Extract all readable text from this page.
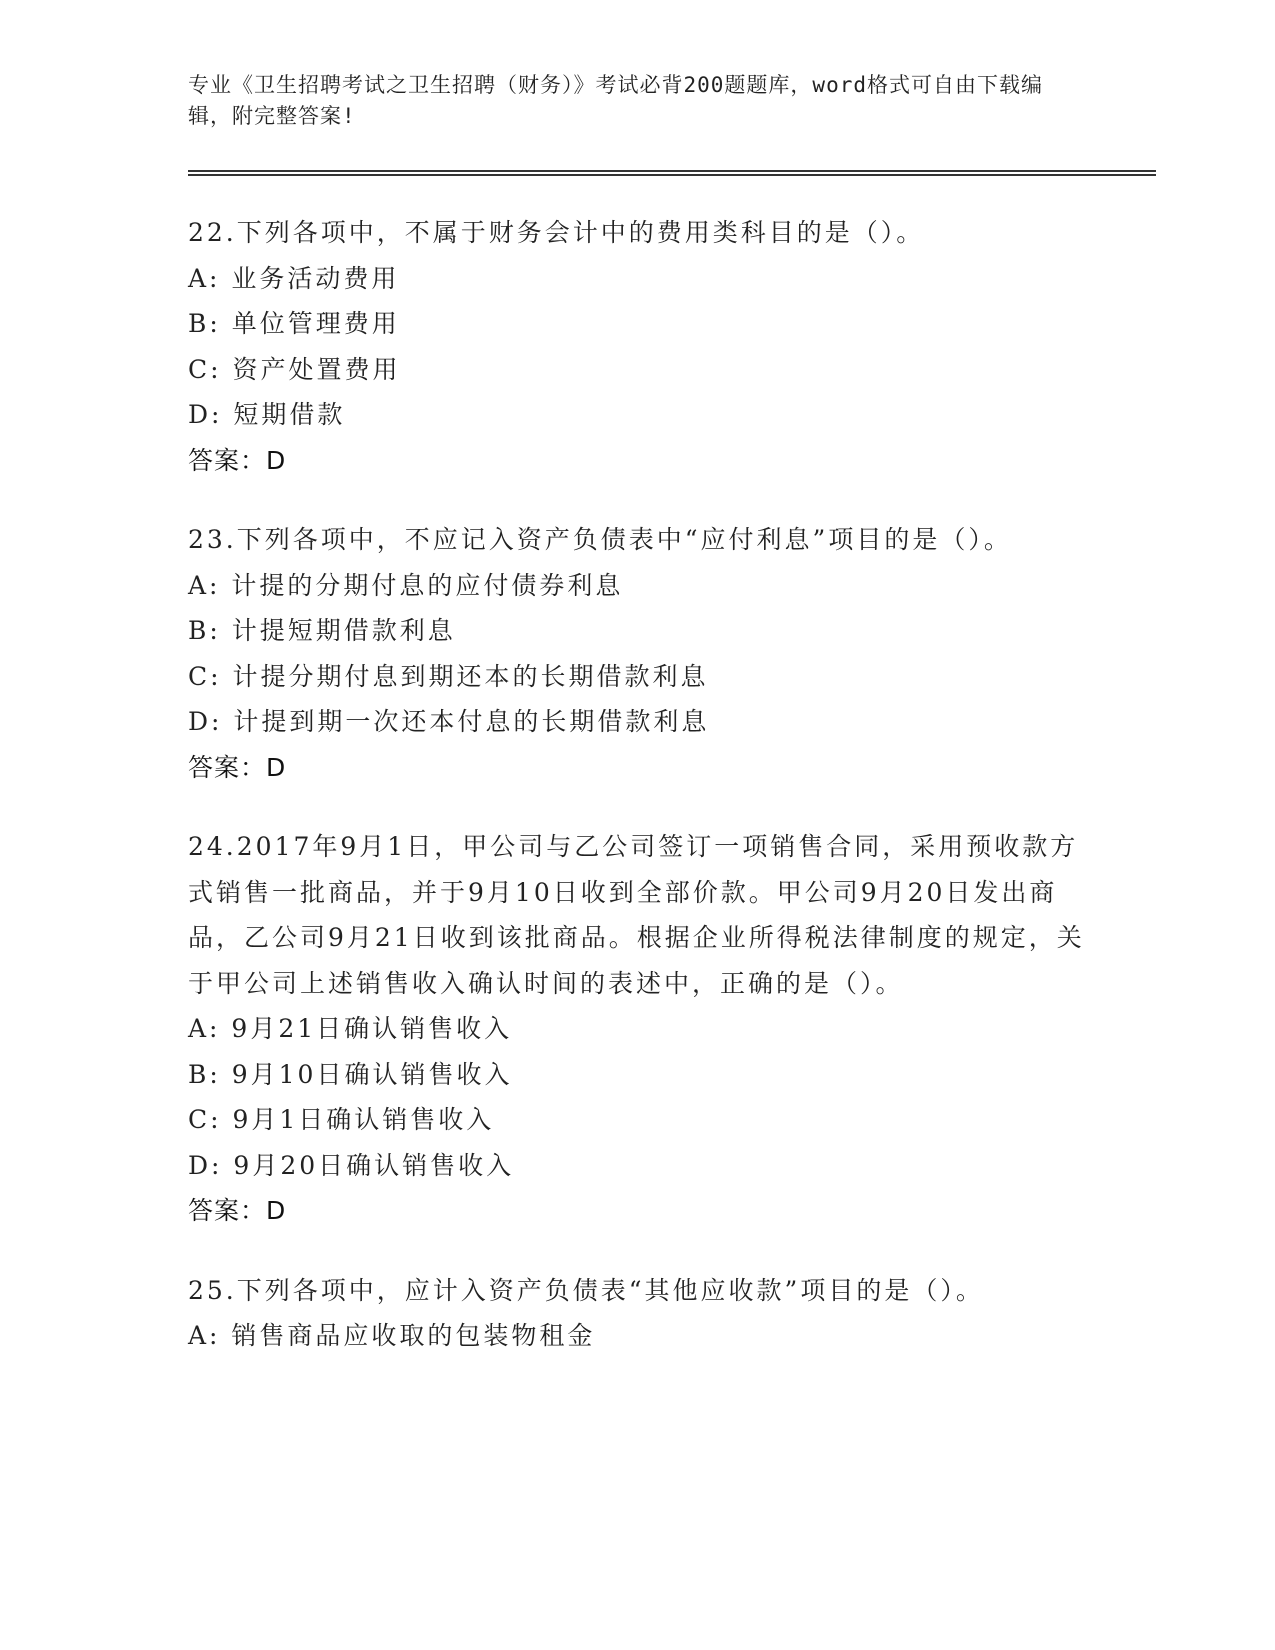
专业《卫生招聘考试之卫生招聘（财务）》考试必背200题题库，word格式可自由下载编辑，附完整答案!
22.下列各项中，不属于财务会计中的费用类科目的是（）。
A: 业务活动费用
B: 单位管理费用
C: 资产处置费用
D: 短期借款
答案：D
23.下列各项中，不应记入资产负债表中“应付利息”项目的是（）。
A: 计提的分期付息的应付债券利息
B: 计提短期借款利息
C: 计提分期付息到期还本的长期借款利息
D: 计提到期一次还本付息的长期借款利息
答案：D
24.2017年9月1日，甲公司与乙公司签订一项销售合同，采用预收款方式销售一批商品，并于9月10日收到全部价款。甲公司9月20日发出商品，乙公司9月21日收到该批商品。根据企业所得税法律制度的规定，关于甲公司上述销售收入确认时间的表述中，正确的是（）。
A: 9月21日确认销售收入
B: 9月10日确认销售收入
C: 9月1日确认销售收入
D: 9月20日确认销售收入
答案：D
25.下列各项中，应计入资产负债表“其他应收款”项目的是（）。
A: 销售商品应收取的包装物租金
